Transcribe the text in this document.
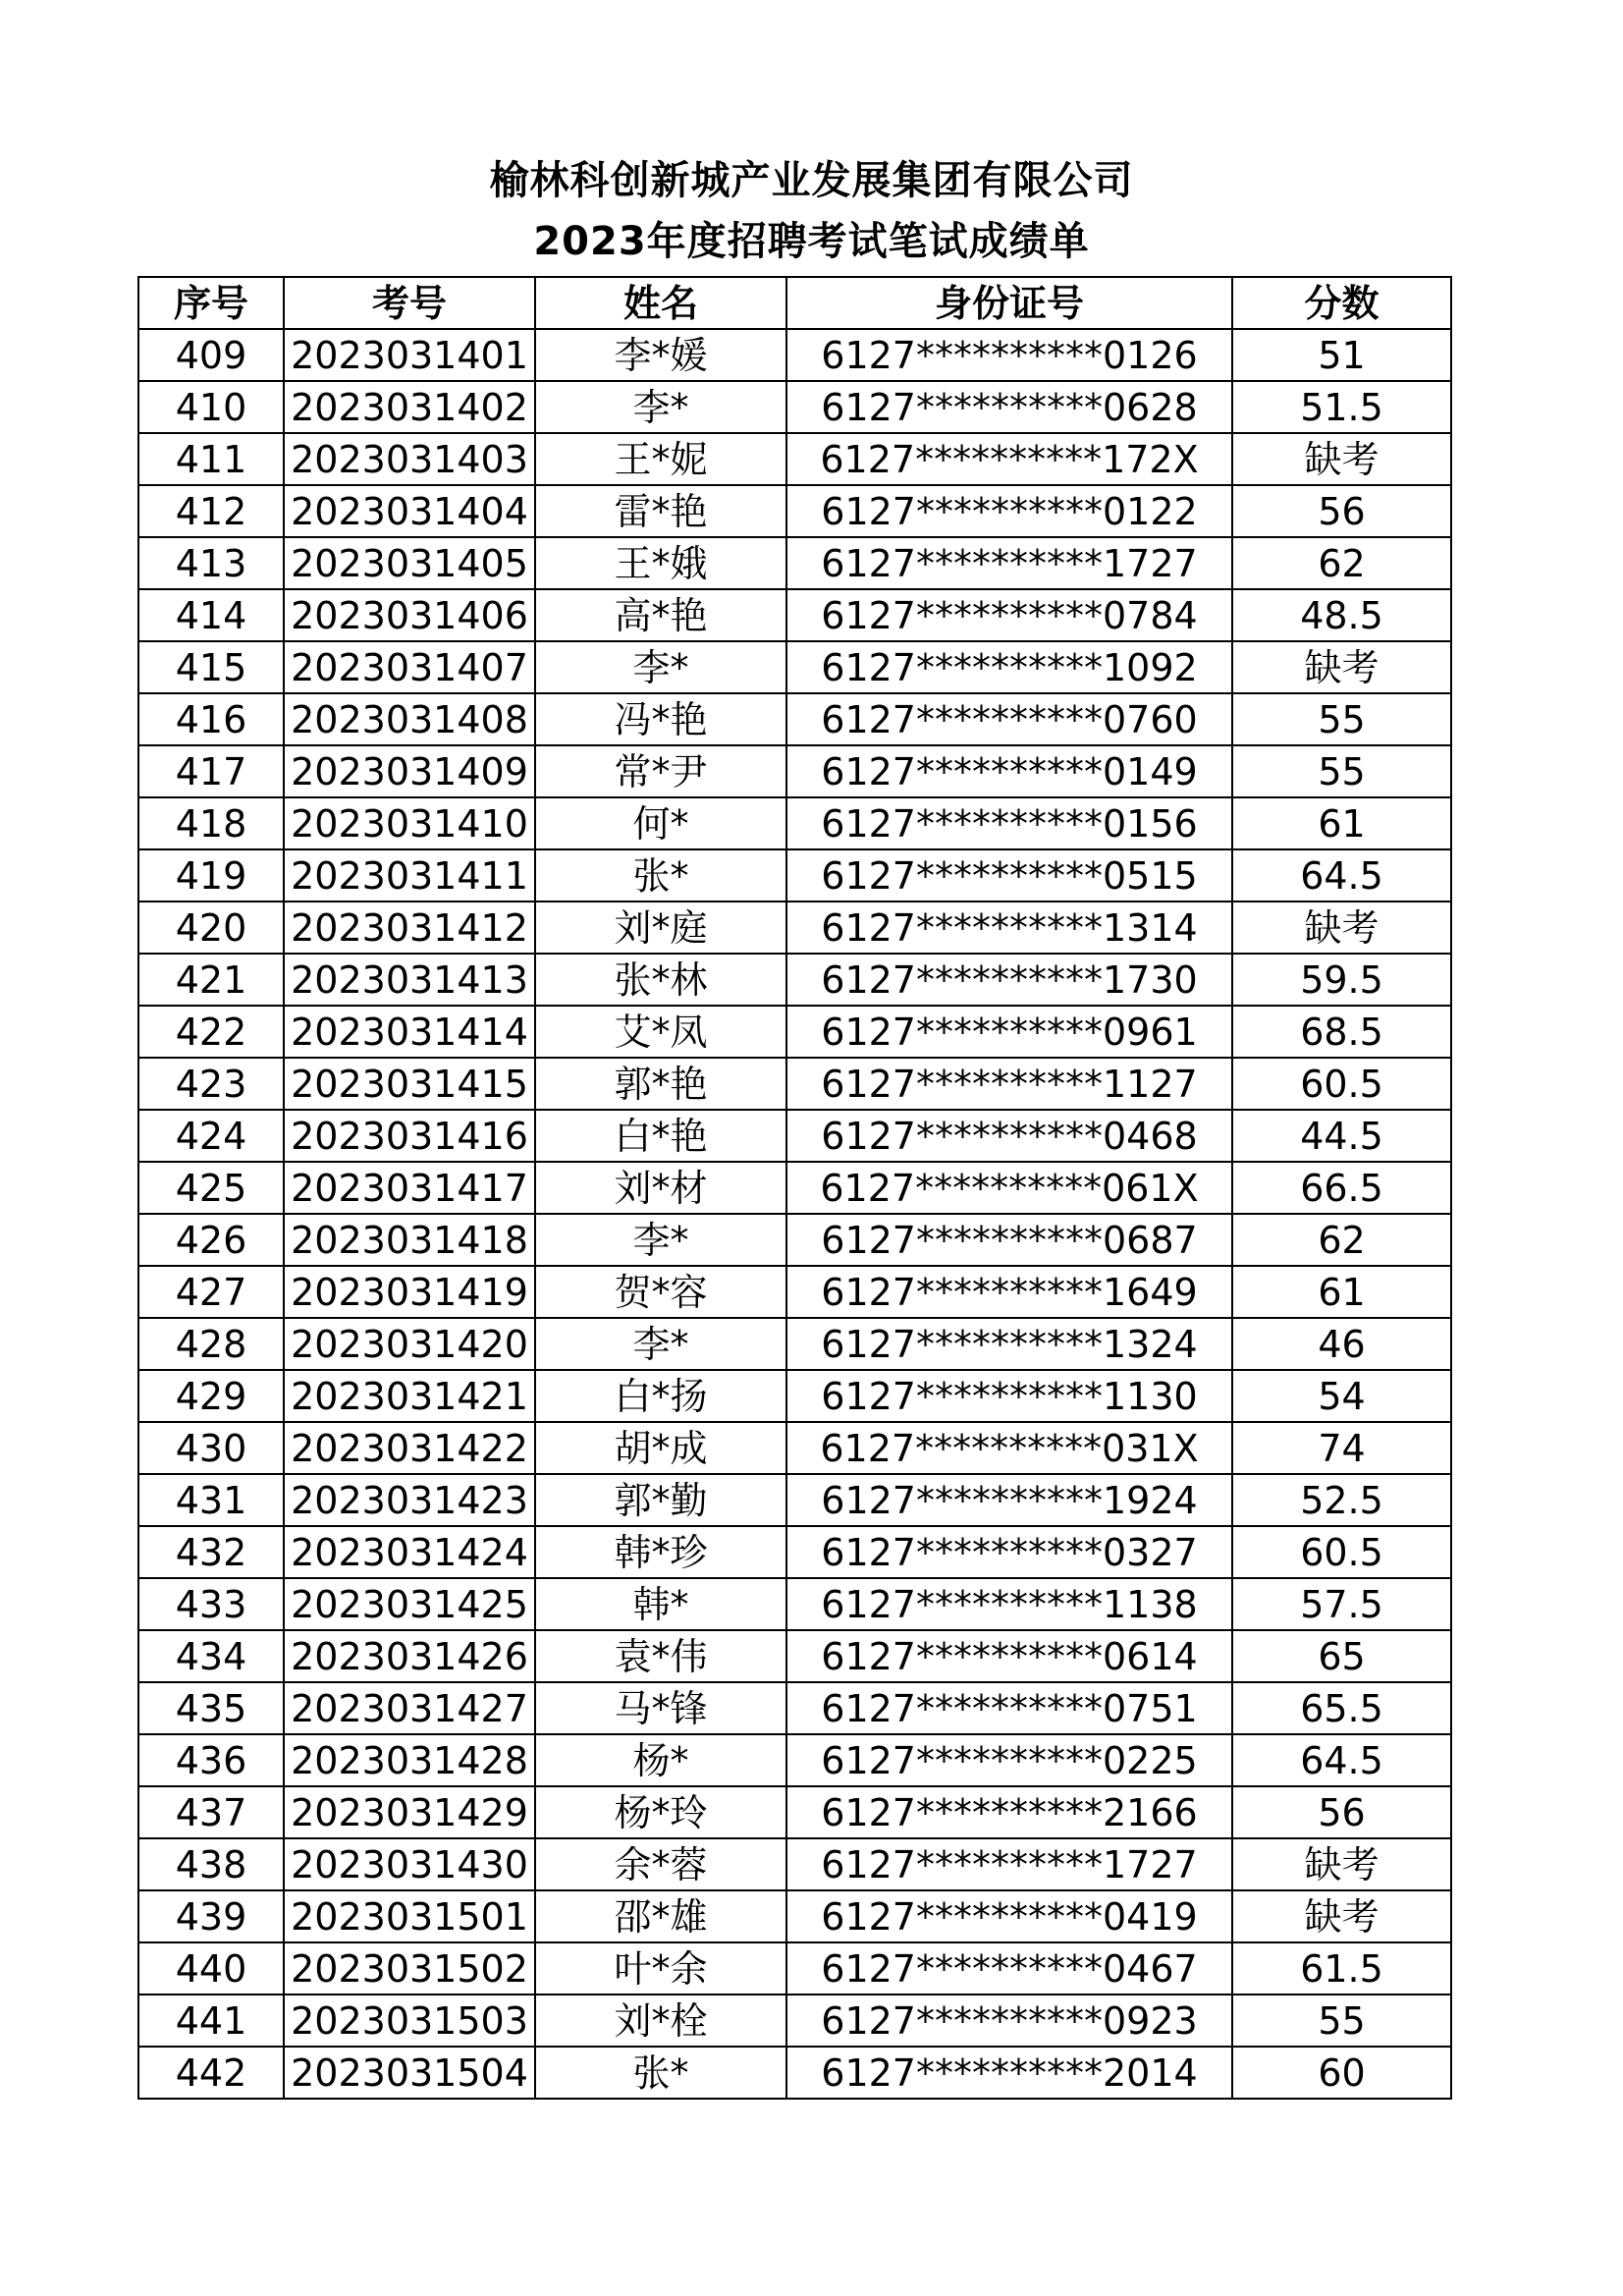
榆林科创新城产业发展集团有限公司
2023年度招聘考试笔试成绩单
序号	考号	姓名	身份证号	分数
409	2023031401	李*媛	6127**********0126	51
410	2023031402	李*	6127**********0628	51.5
411	2023031403	王*妮	6127**********172X	缺考
412	2023031404	雷*艳	6127**********0122	56
413	2023031405	王*娥	6127**********1727	62
414	2023031406	高*艳	6127**********0784	48.5
415	2023031407	李*	6127**********1092	缺考
416	2023031408	冯*艳	6127**********0760	55
417	2023031409	常*尹	6127**********0149	55
418	2023031410	何*	6127**********0156	61
419	2023031411	张*	6127**********0515	64.5
420	2023031412	刘*庭	6127**********1314	缺考
421	2023031413	张*林	6127**********1730	59.5
422	2023031414	艾*凤	6127**********0961	68.5
423	2023031415	郭*艳	6127**********1127	60.5
424	2023031416	白*艳	6127**********0468	44.5
425	2023031417	刘*材	6127**********061X	66.5
426	2023031418	李*	6127**********0687	62
427	2023031419	贺*容	6127**********1649	61
428	2023031420	李*	6127**********1324	46
429	2023031421	白*扬	6127**********1130	54
430	2023031422	胡*成	6127**********031X	74
431	2023031423	郭*勤	6127**********1924	52.5
432	2023031424	韩*珍	6127**********0327	60.5
433	2023031425	韩*	6127**********1138	57.5
434	2023031426	袁*伟	6127**********0614	65
435	2023031427	马*锋	6127**********0751	65.5
436	2023031428	杨*	6127**********0225	64.5
437	2023031429	杨*玲	6127**********2166	56
438	2023031430	余*蓉	6127**********1727	缺考
439	2023031501	邵*雄	6127**********0419	缺考
440	2023031502	叶*余	6127**********0467	61.5
441	2023031503	刘*栓	6127**********0923	55
442	2023031504	张*	6127**********2014	60
